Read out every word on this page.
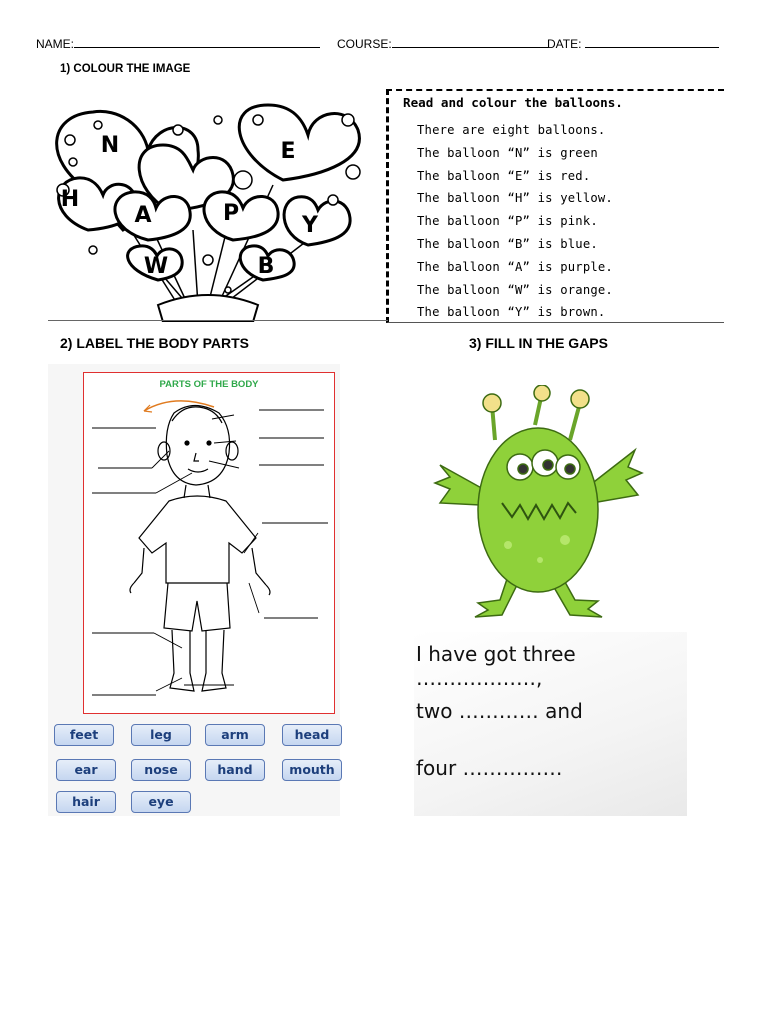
NAME:	COURSE:	DATE:
1) COLOUR THE IMAGE
N	E
H
A	P	Y
W	B
Read and colour the balloons.
There are eight balloons.
The balloon “N” is green
The balloon “E” is red.
The balloon “H” is yellow.
The balloon “P” is pink.
The balloon “B” is blue.
The balloon “A” is purple.
The balloon “W” is orange.
The balloon “Y” is brown.
2) LABEL THE BODY PARTS
PARTS OF THE BODY
feet	leg	arm	head
ear	nose	hand	mouth
hair	eye
3) FILL IN THE GAPS
I have got three ………………,
two ………… and
four ……………
